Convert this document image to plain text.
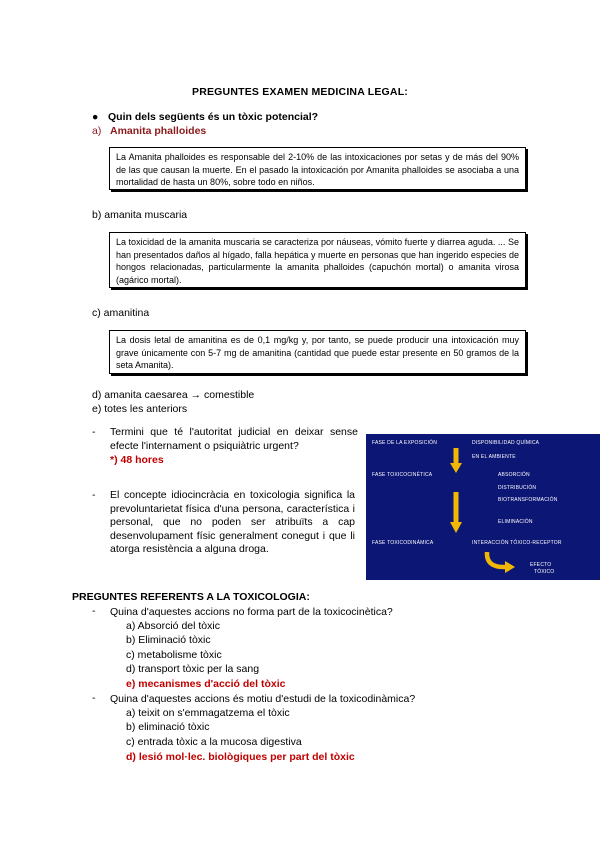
PREGUNTES EXAMEN MEDICINA LEGAL:
● Quin dels següents és un tòxic potencial?
a) Amanita phalloides
La Amanita phalloides es responsable del 2-10% de las intoxicaciones por setas y de más del 90% de las que causan la muerte. En el pasado la intoxicación por Amanita phalloides se asociaba a una mortalidad de hasta un 80%, sobre todo en niños.
b) amanita muscaria
La toxicidad de la amanita muscaria se caracteriza por náuseas, vómito fuerte y diarrea aguda. ... Se han presentados daños al hígado, falla hepática y muerte en personas que han ingerido especies de hongos relacionadas, particularmente la amanita phalloides (capuchón mortal) o amanita virosa (agárico mortal).
c) amanitina
La dosis letal de amanitina es de 0,1 mg/kg y, por tanto, se puede producir una intoxicación muy grave únicamente con 5-7 mg de amanitina (cantidad que puede estar presente en 50 gramos de la seta Amanita).
d) amanita caesarea → comestible
e) totes les anteriors
- Termini que té l'autoritat judicial en deixar sense efecte l'internament o psiquiàtric urgent?
*) 48 hores
- El concepte idiocincràcia en toxicologia significa la prevoluntarietat física d'una persona, característica i personal, que no poden ser atribuïts a cap desenvolupament físic generalment conegut i que li atorga resistència a alguna droga.
FASE DE LA EXPOSICIÓN	DISPONIBILIDAD QUÍMICA
EN EL AMBIENTE
FASE TOXICOCINÉTICA	ABSORCIÓN
DISTRIBUCIÓN
BIOTRANSFORMACIÓN
ELIMINACIÓN
FASE TOXICODINÁMICA	INTERACCIÓN TÓXICO-RECEPTOR
EFECTO
TÓXICO
PREGUNTES REFERENTS A LA TOXICOLOGIA:
- Quina d'aquestes accions no forma part de la toxicocinètica?
a) Absorció del tòxic
b) Eliminació tòxic
c) metabolisme tòxic
d) transport tòxic per la sang
e) mecanismes d'acció del tòxic
- Quina d'aquestes accions és motiu d'estudi de la toxicodinàmica?
a) teixit on s'emmagatzema el tòxic
b) eliminació tòxic
c) entrada tòxic a la mucosa digestiva
d) lesió mol·lec. biològiques per part del tòxic
